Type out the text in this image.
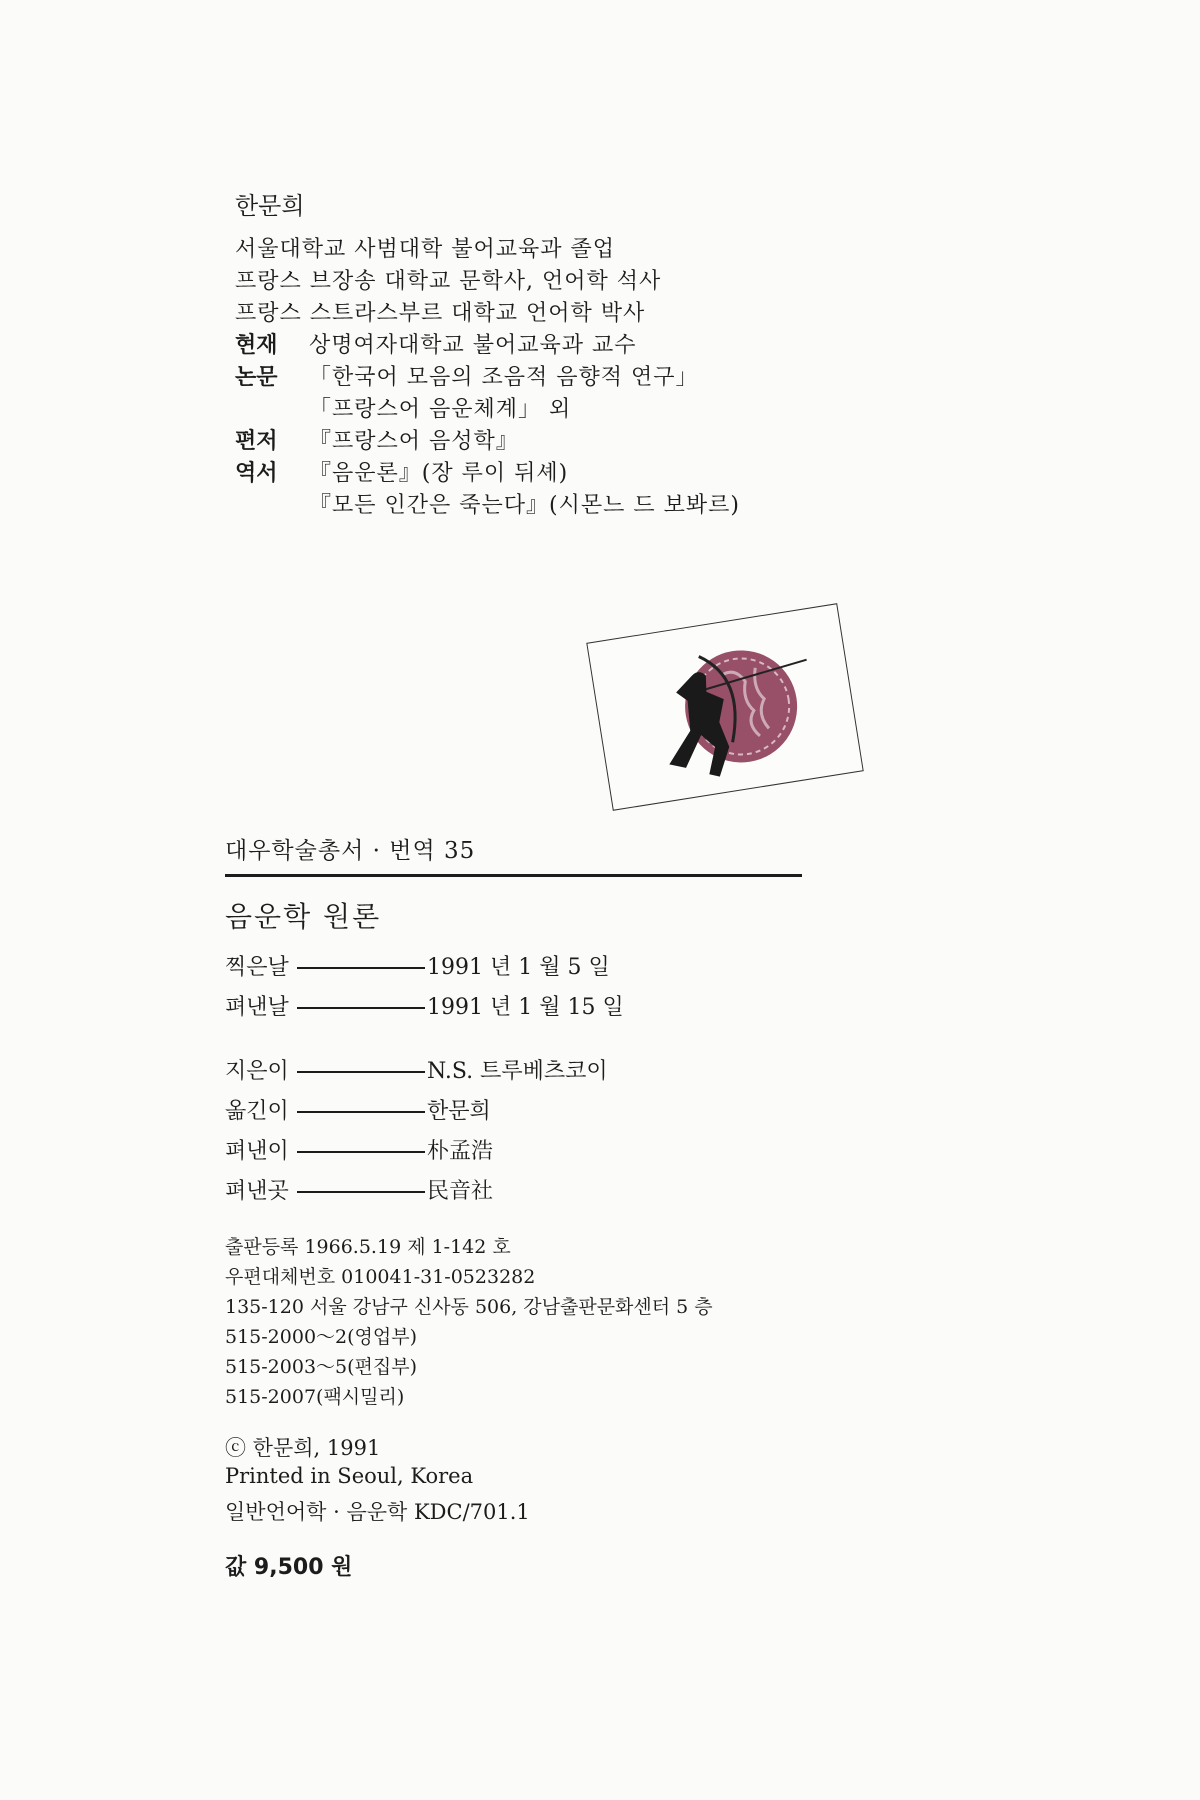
한문희
서울대학교 사범대학 불어교육과 졸업
프랑스 브장송 대학교 문학사, 언어학 석사
프랑스 스트라스부르 대학교 언어학 박사
현재 상명여자대학교 불어교육과 교수
논문 「한국어 모음의 조음적 음향적 연구」
「프랑스어 음운체계」 외
편저 『프랑스어 음성학』
역서 『음운론』(장 루이 뒤셰)
『모든 인간은 죽는다』(시몬느 드 보봐르)
대우학술총서 · 번역 35
음운학 원론
찍은날	1991 년 1 월 5 일
펴낸날	1991 년 1 월 15 일
지은이	N.S. 트루베츠코이
옮긴이	한문희
펴낸이	朴孟浩
펴낸곳	民音社
출판등록 1966.5.19 제 1-142 호
우편대체번호 010041-31-0523282
135-120 서울 강남구 신사동 506, 강남출판문화센터 5 층
515-2000～2(영업부)
515-2003～5(편집부)
515-2007(팩시밀리)
ⓒ 한문희, 1991
Printed in Seoul, Korea
일반언어학 · 음운학 KDC/701.1
값 9,500 원
